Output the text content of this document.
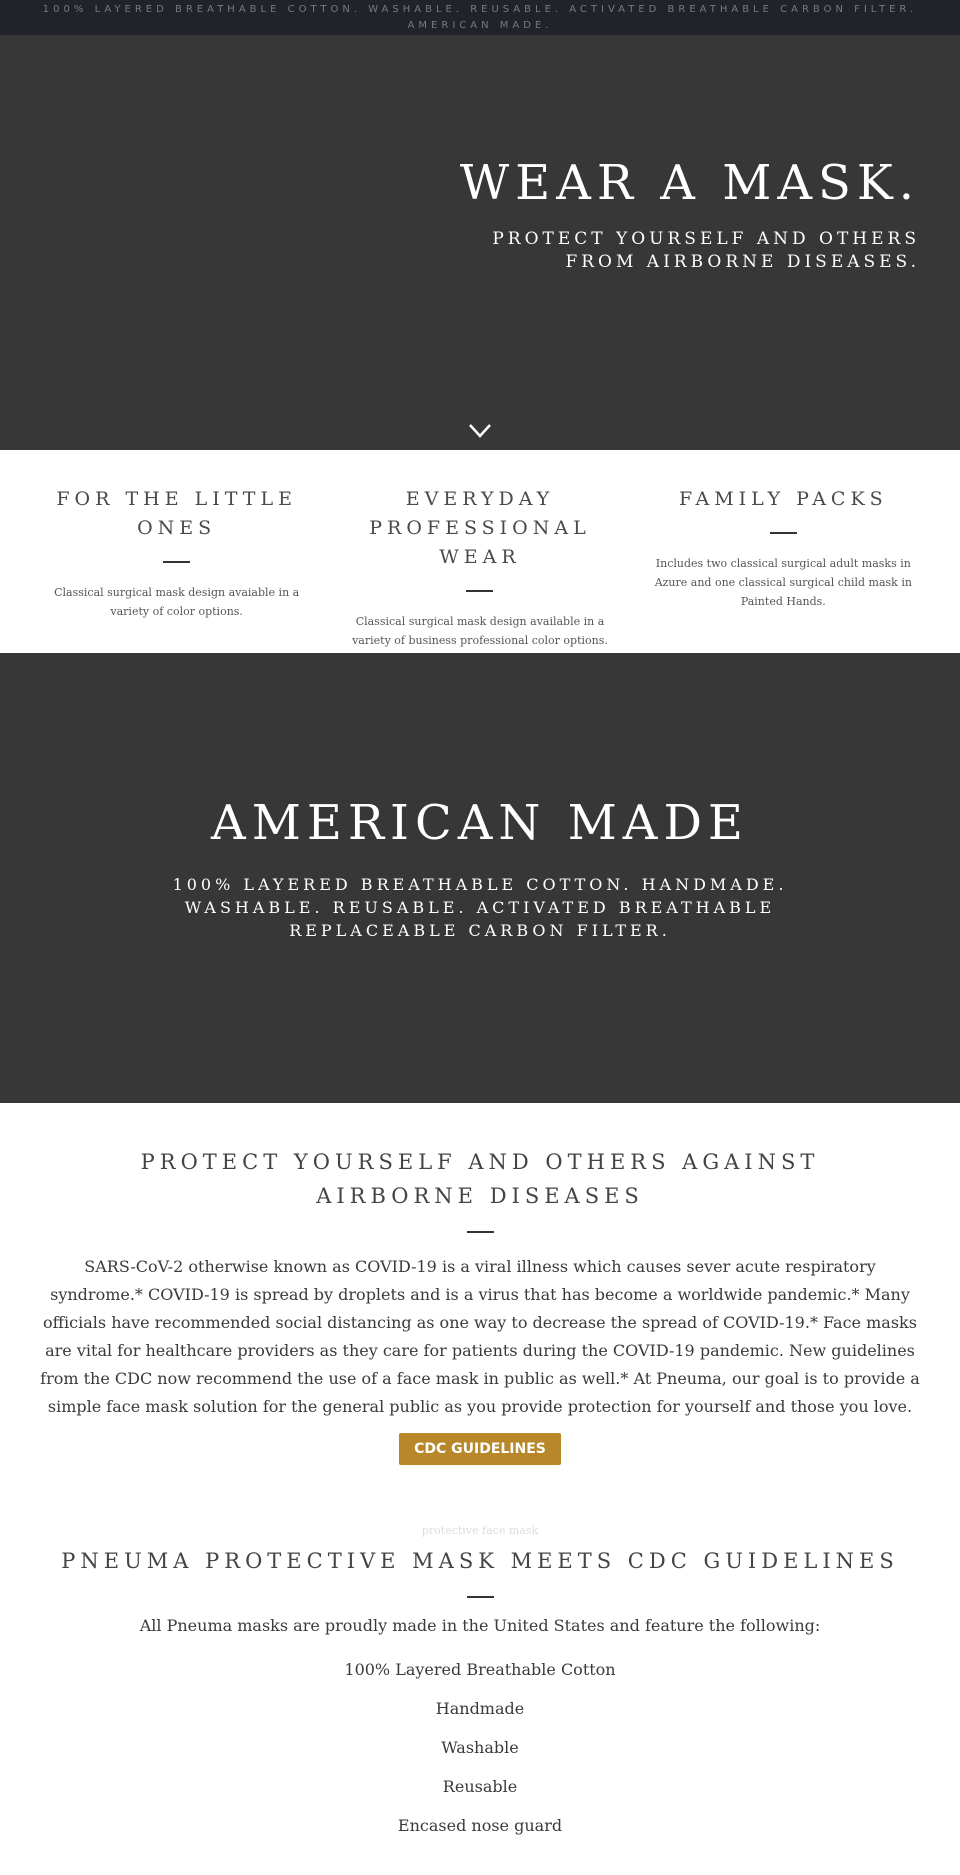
100% LAYERED BREATHABLE COTTON. WASHABLE. REUSABLE. ACTIVATED BREATHABLE CARBON FILTER. AMERICAN MADE.
WEAR A MASK.
PROTECT YOURSELF AND OTHERS FROM AIRBORNE DISEASES.
FOR THE LITTLE ONES

Classical surgical mask design avaiable in a variety of color options.

EVERYDAY PROFESSIONAL WEAR

Classical surgical mask design available in a variety of business professional color options.

FAMILY PACKS

Includes two classical surgical adult masks in Azure and one classical surgical child mask in Painted Hands.

AMERICAN MADE
100% LAYERED BREATHABLE COTTON. HANDMADE. WASHABLE. REUSABLE. ACTIVATED BREATHABLE REPLACEABLE CARBON FILTER.
PROTECT YOURSELF AND OTHERS AGAINST AIRBORNE DISEASES

SARS-CoV-2 otherwise known as COVID-19 is a viral illness which causes sever acute respiratory syndrome.* COVID-19 is spread by droplets and is a virus that has become a worldwide pandemic.* Many officials have recommended social distancing as one way to decrease the spread of COVID-19.* Face masks are vital for healthcare providers as they care for patients during the COVID-19 pandemic. New guidelines from the CDC now recommend the use of a face mask in public as well.* At Pneuma, our goal is to provide a simple face mask solution for the general public as you provide protection for yourself and those you love.

CDC GUIDELINES
protective face mask
PNEUMA PROTECTIVE MASK MEETS CDC GUIDELINES

All Pneuma masks are proudly made in the United States and feature the following:

100% Layered Breathable Cotton
Handmade
Washable
Reusable
Encased nose guard
